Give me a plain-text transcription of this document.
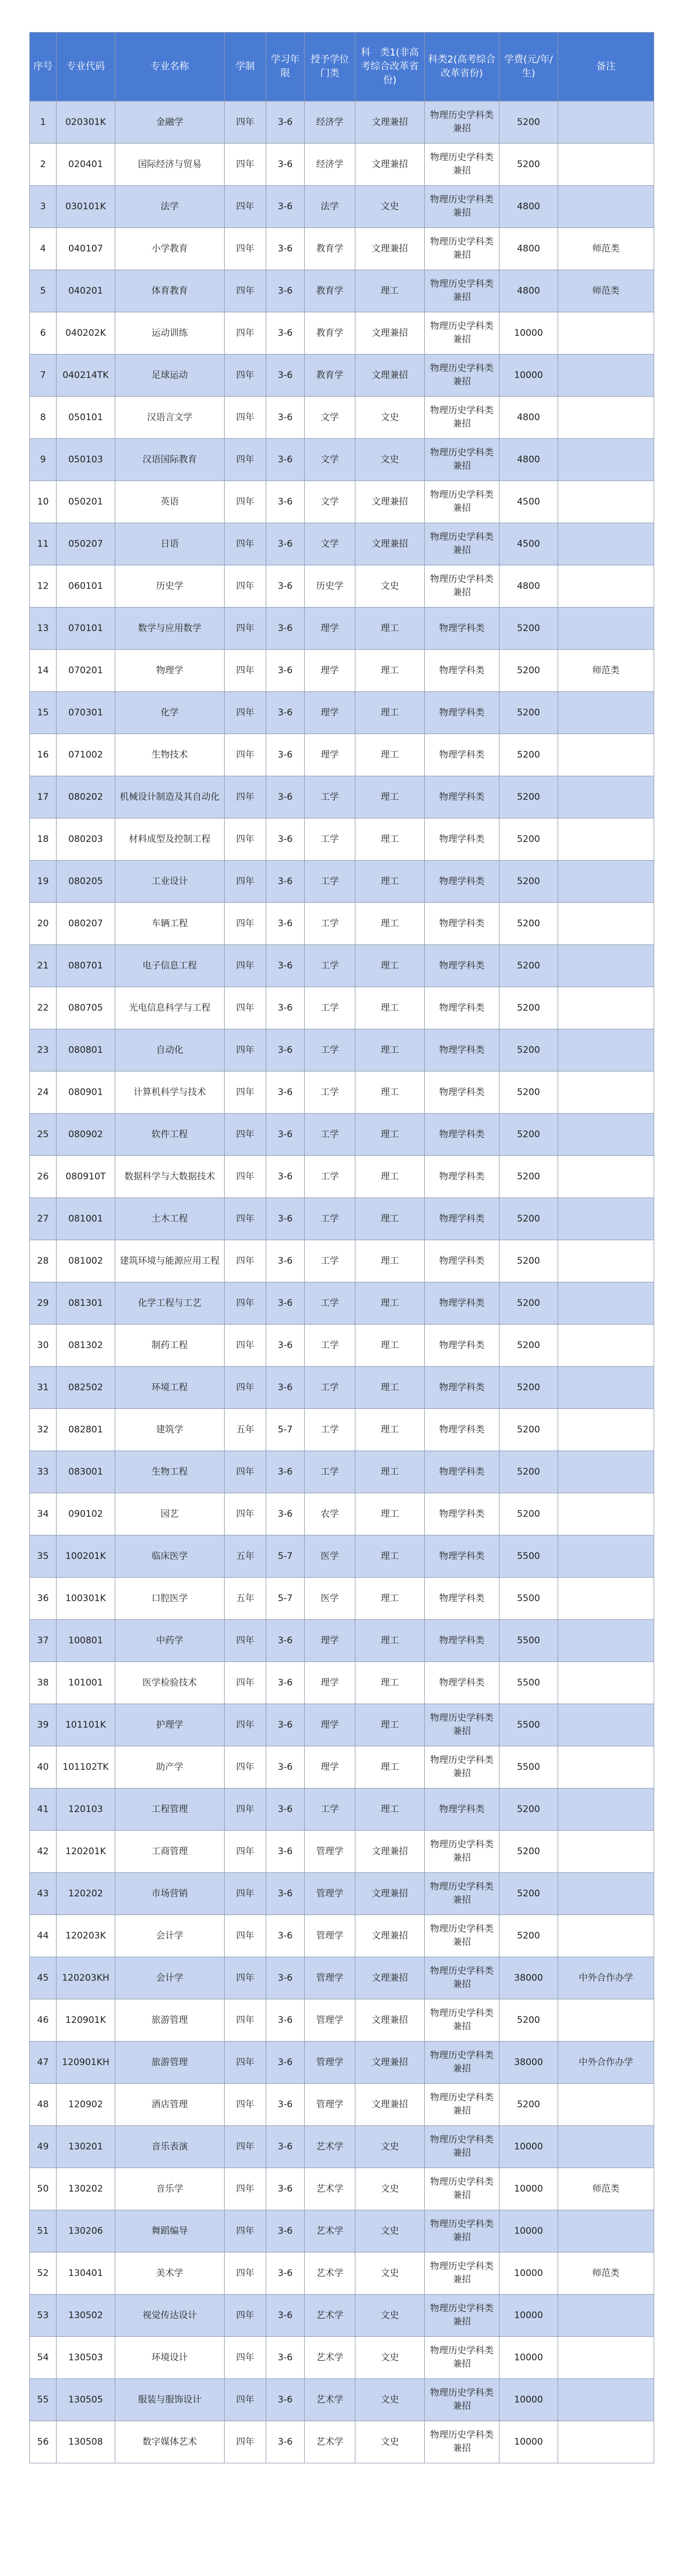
序号	专业代码	专业名称	学制	学习年限	授予学位门类	科　类1(非高考综合改革省份)	科类2(高考综合改革省份)	学费(元/年/生)	备注
1	020301K	金融学	四年	3-6	经济学	文理兼招	物理历史学科类兼招	5200	
2	020401	国际经济与贸易	四年	3-6	经济学	文理兼招	物理历史学科类兼招	5200	
3	030101K	法学	四年	3-6	法学	文史	物理历史学科类兼招	4800	
4	040107	小学教育	四年	3-6	教育学	文理兼招	物理历史学科类兼招	4800	师范类
5	040201	体育教育	四年	3-6	教育学	理工	物理历史学科类兼招	4800	师范类
6	040202K	运动训练	四年	3-6	教育学	文理兼招	物理历史学科类兼招	10000	
7	040214TK	足球运动	四年	3-6	教育学	文理兼招	物理历史学科类兼招	10000	
8	050101	汉语言文学	四年	3-6	文学	文史	物理历史学科类兼招	4800	
9	050103	汉语国际教育	四年	3-6	文学	文史	物理历史学科类兼招	4800	
10	050201	英语	四年	3-6	文学	文理兼招	物理历史学科类兼招	4500	
11	050207	日语	四年	3-6	文学	文理兼招	物理历史学科类兼招	4500	
12	060101	历史学	四年	3-6	历史学	文史	物理历史学科类兼招	4800	
13	070101	数学与应用数学	四年	3-6	理学	理工	物理学科类	5200	
14	070201	物理学	四年	3-6	理学	理工	物理学科类	5200	师范类
15	070301	化学	四年	3-6	理学	理工	物理学科类	5200	
16	071002	生物技术	四年	3-6	理学	理工	物理学科类	5200	
17	080202	机械设计制造及其自动化	四年	3-6	工学	理工	物理学科类	5200	
18	080203	材料成型及控制工程	四年	3-6	工学	理工	物理学科类	5200	
19	080205	工业设计	四年	3-6	工学	理工	物理学科类	5200	
20	080207	车辆工程	四年	3-6	工学	理工	物理学科类	5200	
21	080701	电子信息工程	四年	3-6	工学	理工	物理学科类	5200	
22	080705	光电信息科学与工程	四年	3-6	工学	理工	物理学科类	5200	
23	080801	自动化	四年	3-6	工学	理工	物理学科类	5200	
24	080901	计算机科学与技术	四年	3-6	工学	理工	物理学科类	5200	
25	080902	软件工程	四年	3-6	工学	理工	物理学科类	5200	
26	080910T	数据科学与大数据技术	四年	3-6	工学	理工	物理学科类	5200	
27	081001	土木工程	四年	3-6	工学	理工	物理学科类	5200	
28	081002	建筑环境与能源应用工程	四年	3-6	工学	理工	物理学科类	5200	
29	081301	化学工程与工艺	四年	3-6	工学	理工	物理学科类	5200	
30	081302	制药工程	四年	3-6	工学	理工	物理学科类	5200	
31	082502	环境工程	四年	3-6	工学	理工	物理学科类	5200	
32	082801	建筑学	五年	5-7	工学	理工	物理学科类	5200	
33	083001	生物工程	四年	3-6	工学	理工	物理学科类	5200	
34	090102	园艺	四年	3-6	农学	理工	物理学科类	5200	
35	100201K	临床医学	五年	5-7	医学	理工	物理学科类	5500	
36	100301K	口腔医学	五年	5-7	医学	理工	物理学科类	5500	
37	100801	中药学	四年	3-6	理学	理工	物理学科类	5500	
38	101001	医学检验技术	四年	3-6	理学	理工	物理学科类	5500	
39	101101K	护理学	四年	3-6	理学	理工	物理历史学科类兼招	5500	
40	101102TK	助产学	四年	3-6	理学	理工	物理历史学科类兼招	5500	
41	120103	工程管理	四年	3-6	工学	理工	物理学科类	5200	
42	120201K	工商管理	四年	3-6	管理学	文理兼招	物理历史学科类兼招	5200	
43	120202	市场营销	四年	3-6	管理学	文理兼招	物理历史学科类兼招	5200	
44	120203K	会计学	四年	3-6	管理学	文理兼招	物理历史学科类兼招	5200	
45	120203KH	会计学	四年	3-6	管理学	文理兼招	物理历史学科类兼招	38000	中外合作办学
46	120901K	旅游管理	四年	3-6	管理学	文理兼招	物理历史学科类兼招	5200	
47	120901KH	旅游管理	四年	3-6	管理学	文理兼招	物理历史学科类兼招	38000	中外合作办学
48	120902	酒店管理	四年	3-6	管理学	文理兼招	物理历史学科类兼招	5200	
49	130201	音乐表演	四年	3-6	艺术学	文史	物理历史学科类兼招	10000	
50	130202	音乐学	四年	3-6	艺术学	文史	物理历史学科类兼招	10000	师范类
51	130206	舞蹈编导	四年	3-6	艺术学	文史	物理历史学科类兼招	10000	
52	130401	美术学	四年	3-6	艺术学	文史	物理历史学科类兼招	10000	师范类
53	130502	视觉传达设计	四年	3-6	艺术学	文史	物理历史学科类兼招	10000	
54	130503	环境设计	四年	3-6	艺术学	文史	物理历史学科类兼招	10000	
55	130505	服装与服饰设计	四年	3-6	艺术学	文史	物理历史学科类兼招	10000	
56	130508	数字媒体艺术	四年	3-6	艺术学	文史	物理历史学科类兼招	10000	
